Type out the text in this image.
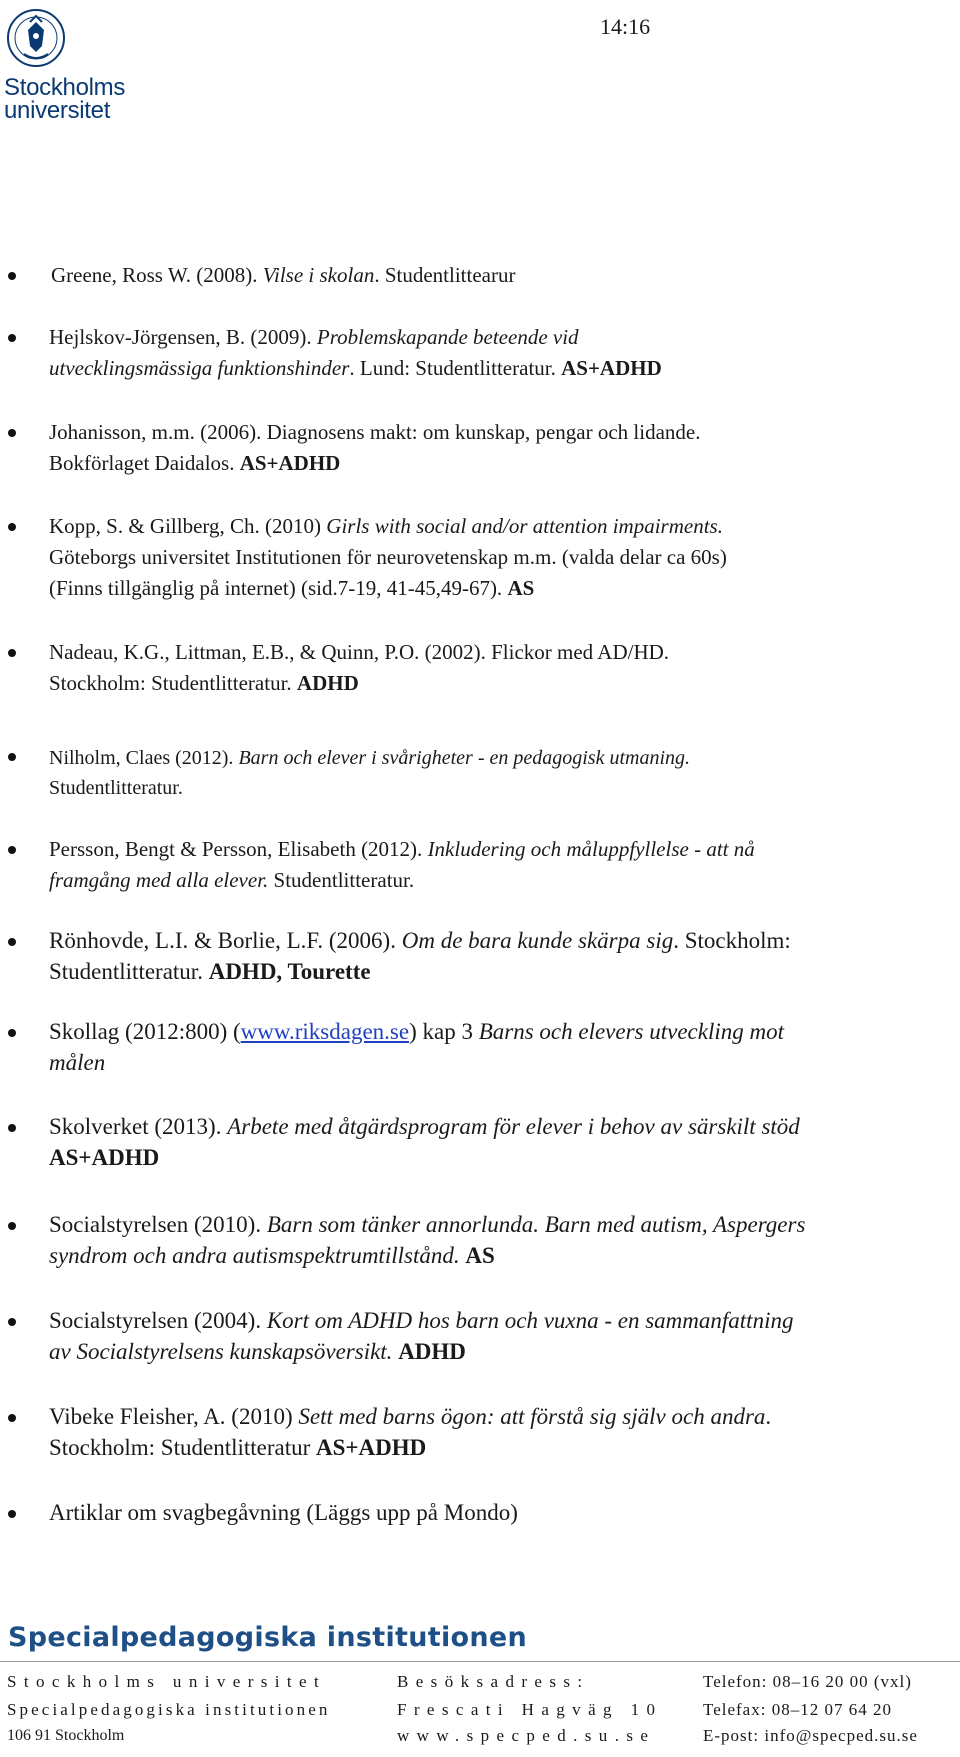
Stockholms
universitet
14:16
Greene, Ross W. (2008). Vilse i skolan. Studentlittearur
Hejlskov-Jörgensen, B. (2009). Problemskapande beteende vid
utvecklingsmässiga funktionshinder. Lund: Studentlitteratur. AS+ADHD
Johanisson, m.m. (2006). Diagnosens makt: om kunskap, pengar och lidande.
Bokförlaget Daidalos. AS+ADHD
Kopp, S. & Gillberg, Ch. (2010) Girls with social and/or attention impairments.
Göteborgs universitet Institutionen för neurovetenskap m.m. (valda delar ca 60s)
(Finns tillgänglig på internet) (sid.7-19, 41-45,49-67). AS
Nadeau, K.G., Littman, E.B., & Quinn, P.O. (2002). Flickor med AD/HD.
Stockholm: Studentlitteratur. ADHD
Nilholm, Claes (2012). Barn och elever i svårigheter - en pedagogisk utmaning.
Studentlitteratur.
Persson, Bengt & Persson, Elisabeth (2012). Inkludering och måluppfyllelse - att nå
framgång med alla elever. Studentlitteratur.
Rönhovde, L.I. & Borlie, L.F. (2006). Om de bara kunde skärpa sig. Stockholm:
Studentlitteratur. ADHD, Tourette
Skollag (2012:800) (www.riksdagen.se) kap 3 Barns och elevers utveckling mot
målen
Skolverket (2013). Arbete med åtgärdsprogram för elever i behov av särskilt stöd
AS+ADHD
Socialstyrelsen (2010). Barn som tänker annorlunda. Barn med autism, Aspergers
syndrom och andra autismspektrumtillstånd. AS
Socialstyrelsen (2004). Kort om ADHD hos barn och vuxna - en sammanfattning
av Socialstyrelsens kunskapsöversikt. ADHD
Vibeke Fleisher, A. (2010) Sett med barns ögon: att förstå sig själv och andra.
Stockholm: Studentlitteratur AS+ADHD
Artiklar om svagbegåvning (Läggs upp på Mondo)
Specialpedagogiska institutionen
Stockholms universitet
Specialpedagogiska institutionen
106 91 Stockholm
Besöksadress:
Frescati Hagväg 10
www.specped.su.se
Telefon: 08–16 20 00 (vxl)
Telefax: 08–12 07 64 20
E-post: info@specped.su.se
